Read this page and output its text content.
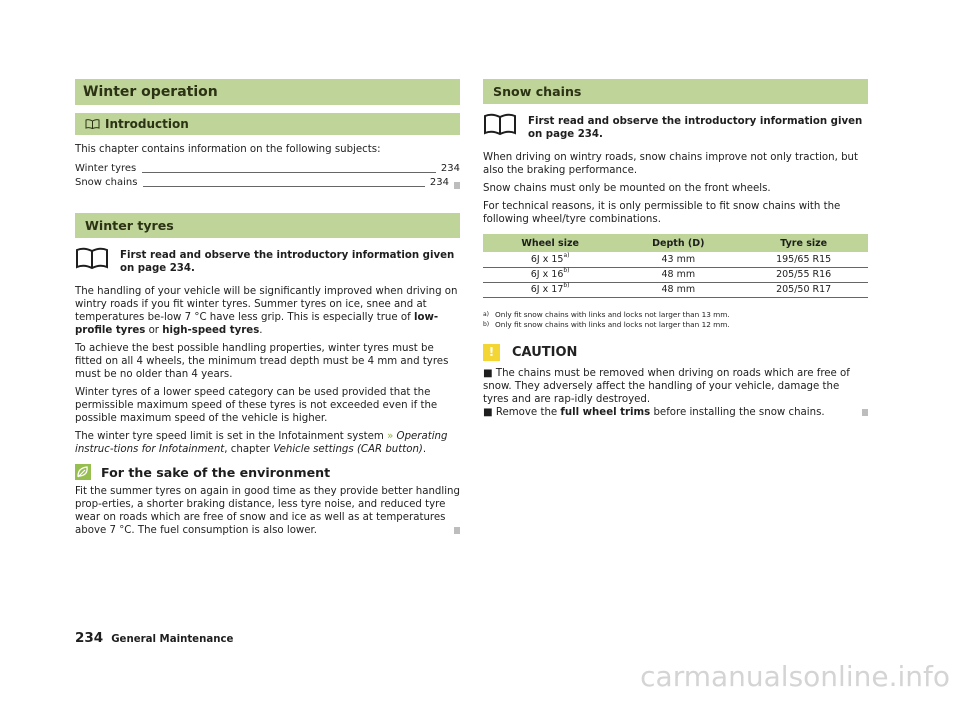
Winter operation
Introduction

This chapter contains information on the following subjects:

Winter tyres	234
Snow chains	234
Winter tyres
First read and observe the introductory information given on page 234.

The handling of your vehicle will be significantly improved when driving on wintry roads if you fit winter tyres. Summer tyres on ice, snee and at temperatures be-low 7 °C have less grip. This is especially true of low-profile tyres or high-speed tyres.

To achieve the best possible handling properties, winter tyres must be fitted on all 4 wheels, the minimum tread depth must be 4 mm and tyres must be no older than 4 years.

Winter tyres of a lower speed category can be used provided that the permissible maximum speed of these tyres is not exceeded even if the possible maximum speed of the vehicle is higher.

The winter tyre speed limit is set in the Infotainment system » Operating instruc-tions for Infotainment, chapter Vehicle settings (CAR button).

For the sake of the environment

Fit the summer tyres on again in good time as they provide better handling prop-erties, a shorter braking distance, less tyre noise, and reduced tyre wear on roads which are free of snow and ice as well as at temperatures above 7 °C. The fuel consumption is also lower.

Snow chains
First read and observe the introductory information given on page 234.

When driving on wintry roads, snow chains improve not only traction, but also the braking performance.

Snow chains must only be mounted on the front wheels.

For technical reasons, it is only permissible to fit snow chains with the following wheel/tyre combinations.

Wheel size	Depth (D)	Tyre size
6J x 15$^{a)}$	43 mm	195/65 R15
6J x 16$^{b)}$	48 mm	205/55 R16
6J x 17$^{b)}$	48 mm	205/50 R17
a) Only fit snow chains with links and locks not larger than 13 mm.
b) Only fit snow chains with links and locks not larger than 12 mm.
!	CAUTION

■ The chains must be removed when driving on roads which are free of snow. They adversely affect the handling of your vehicle, damage the tyres and are rap-idly destroyed.

■ Remove the full wheel trims before installing the snow chains.

234 General Maintenance
carmanualsonline.info
